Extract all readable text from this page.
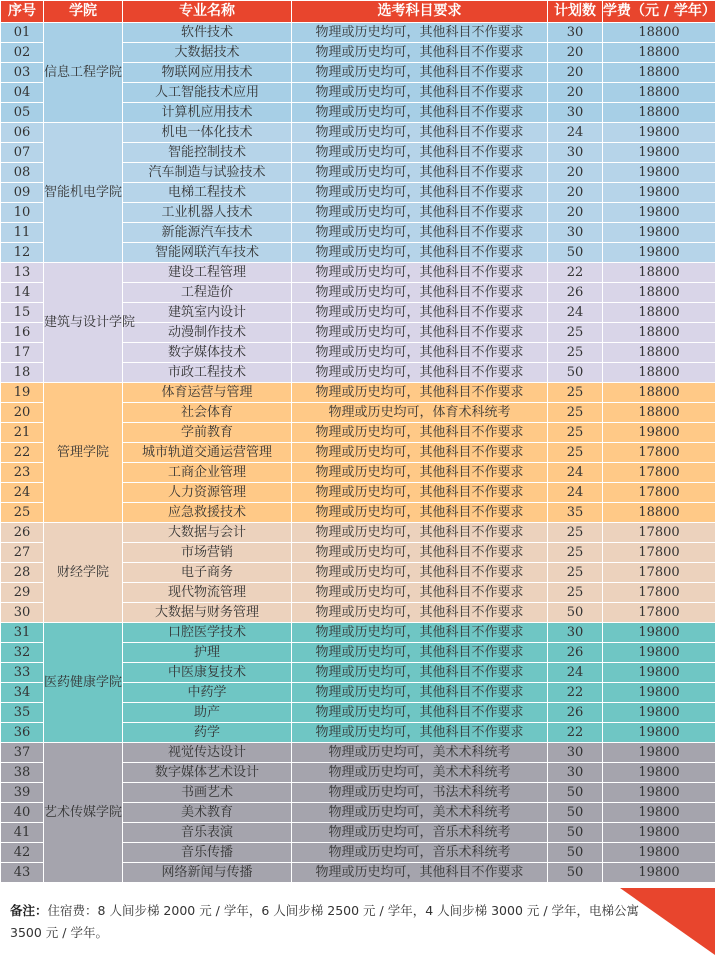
序号	学院	专业名称	选考科目要求	计划数	学费（元 / 学年）
01	信息工程学院	软件技术	物理或历史均可，其他科目不作要求	30	18800
02		大数据技术	物理或历史均可，其他科目不作要求	20	18800
03		物联网应用技术	物理或历史均可，其他科目不作要求	20	18800
04		人工智能技术应用	物理或历史均可，其他科目不作要求	20	18800
05		计算机应用技术	物理或历史均可，其他科目不作要求	30	18800
06	智能机电学院	机电一体化技术	物理或历史均可，其他科目不作要求	24	19800
07		智能控制技术	物理或历史均可，其他科目不作要求	30	19800
08		汽车制造与试验技术	物理或历史均可，其他科目不作要求	20	19800
09		电梯工程技术	物理或历史均可，其他科目不作要求	20	19800
10		工业机器人技术	物理或历史均可，其他科目不作要求	20	19800
11		新能源汽车技术	物理或历史均可，其他科目不作要求	30	19800
12		智能网联汽车技术	物理或历史均可，其他科目不作要求	50	19800
13	建筑与设计学院	建设工程管理	物理或历史均可，其他科目不作要求	22	18800
14		工程造价	物理或历史均可，其他科目不作要求	26	18800
15		建筑室内设计	物理或历史均可，其他科目不作要求	24	18800
16		动漫制作技术	物理或历史均可，其他科目不作要求	25	18800
17		数字媒体技术	物理或历史均可，其他科目不作要求	25	18800
18		市政工程技术	物理或历史均可，其他科目不作要求	50	18800
19	管理学院	体育运营与管理	物理或历史均可，其他科目不作要求	25	18800
20		社会体育	物理或历史均可，体育术科统考	25	18800
21		学前教育	物理或历史均可，其他科目不作要求	25	19800
22		城市轨道交通运营管理	物理或历史均可，其他科目不作要求	25	17800
23		工商企业管理	物理或历史均可，其他科目不作要求	24	17800
24		人力资源管理	物理或历史均可，其他科目不作要求	24	17800
25		应急救援技术	物理或历史均可，其他科目不作要求	35	18800
26	财经学院	大数据与会计	物理或历史均可，其他科目不作要求	25	17800
27		市场营销	物理或历史均可，其他科目不作要求	25	17800
28		电子商务	物理或历史均可，其他科目不作要求	25	17800
29		现代物流管理	物理或历史均可，其他科目不作要求	25	17800
30		大数据与财务管理	物理或历史均可，其他科目不作要求	50	17800
31	医药健康学院	口腔医学技术	物理或历史均可，其他科目不作要求	30	19800
32		护理	物理或历史均可，其他科目不作要求	26	19800
33		中医康复技术	物理或历史均可，其他科目不作要求	24	19800
34		中药学	物理或历史均可，其他科目不作要求	22	19800
35		助产	物理或历史均可，其他科目不作要求	26	19800
36		药学	物理或历史均可，其他科目不作要求	22	19800
37	艺术传媒学院	视觉传达设计	物理或历史均可，美术术科统考	30	19800
38		数字媒体艺术设计	物理或历史均可，美术术科统考	30	19800
39		书画艺术	物理或历史均可，书法术科统考	50	19800
40		美术教育	物理或历史均可，美术术科统考	50	19800
41		音乐表演	物理或历史均可，音乐术科统考	50	19800
42		音乐传播	物理或历史均可，音乐术科统考	50	19800
43		网络新闻与传播	物理或历史均可，其他科目不作要求	50	19800
备注：住宿费：8 人间步梯 2000 元 / 学年，6 人间步梯 2500 元 / 学年，4 人间步梯 3000 元 / 学年，电梯公寓 3500 元 / 学年。
